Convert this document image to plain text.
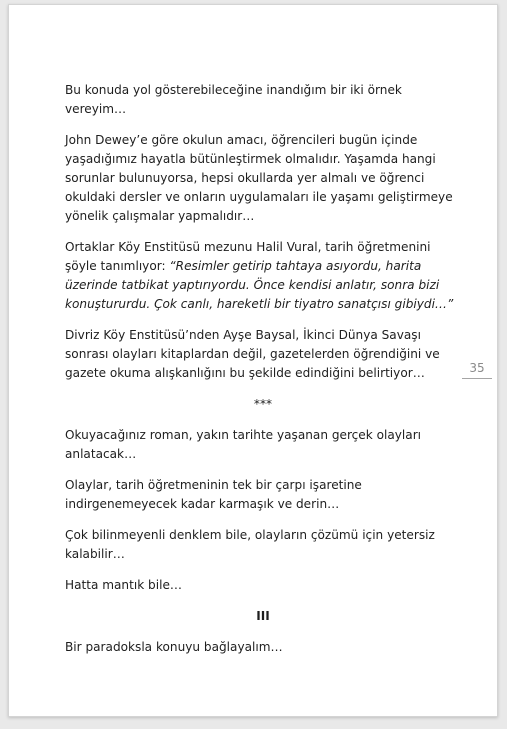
Bu konuda yol gösterebileceğine inandığım bir iki örnek vereyim…

John Dewey’e göre okulun amacı, öğrencileri bugün içinde yaşadığımız hayatla bütünleştirmek olmalıdır. Yaşamda hangi sorunlar bulunuyorsa, hepsi okullarda yer almalı ve öğrenci okuldaki dersler ve onların uygulamaları ile yaşamı geliştirmeye yönelik çalışmalar yapmalıdır…

Ortaklar Köy Enstitüsü mezunu Halil Vural, tarih öğretmenini şöyle tanımlıyor: “Resimler getirip tahtaya asıyordu, harita üzerinde tatbikat yaptırıyordu. Önce kendisi anlatır, sonra bizi konuştururdu. Çok canlı, hareketli bir tiyatro sanatçısı gibiydi…”

Divriz Köy Enstitüsü’nden Ayşe Baysal, İkinci Dünya Savaşı sonrası olayları kitaplardan değil, gazetelerden öğrendiğini ve gazete okuma alışkanlığını bu şekilde edindiğini belirtiyor…

***

Okuyacağınız roman, yakın tarihte yaşanan gerçek olayları anlatacak…

Olaylar, tarih öğretmeninin tek bir çarpı işaretine indirgenemeyecek kadar karmaşık ve derin…

Çok bilinmeyenli denklem bile, olayların çözümü için yetersiz kalabilir…

Hatta mantık bile…

III

Bir paradoksla konuyu bağlayalım…

35
